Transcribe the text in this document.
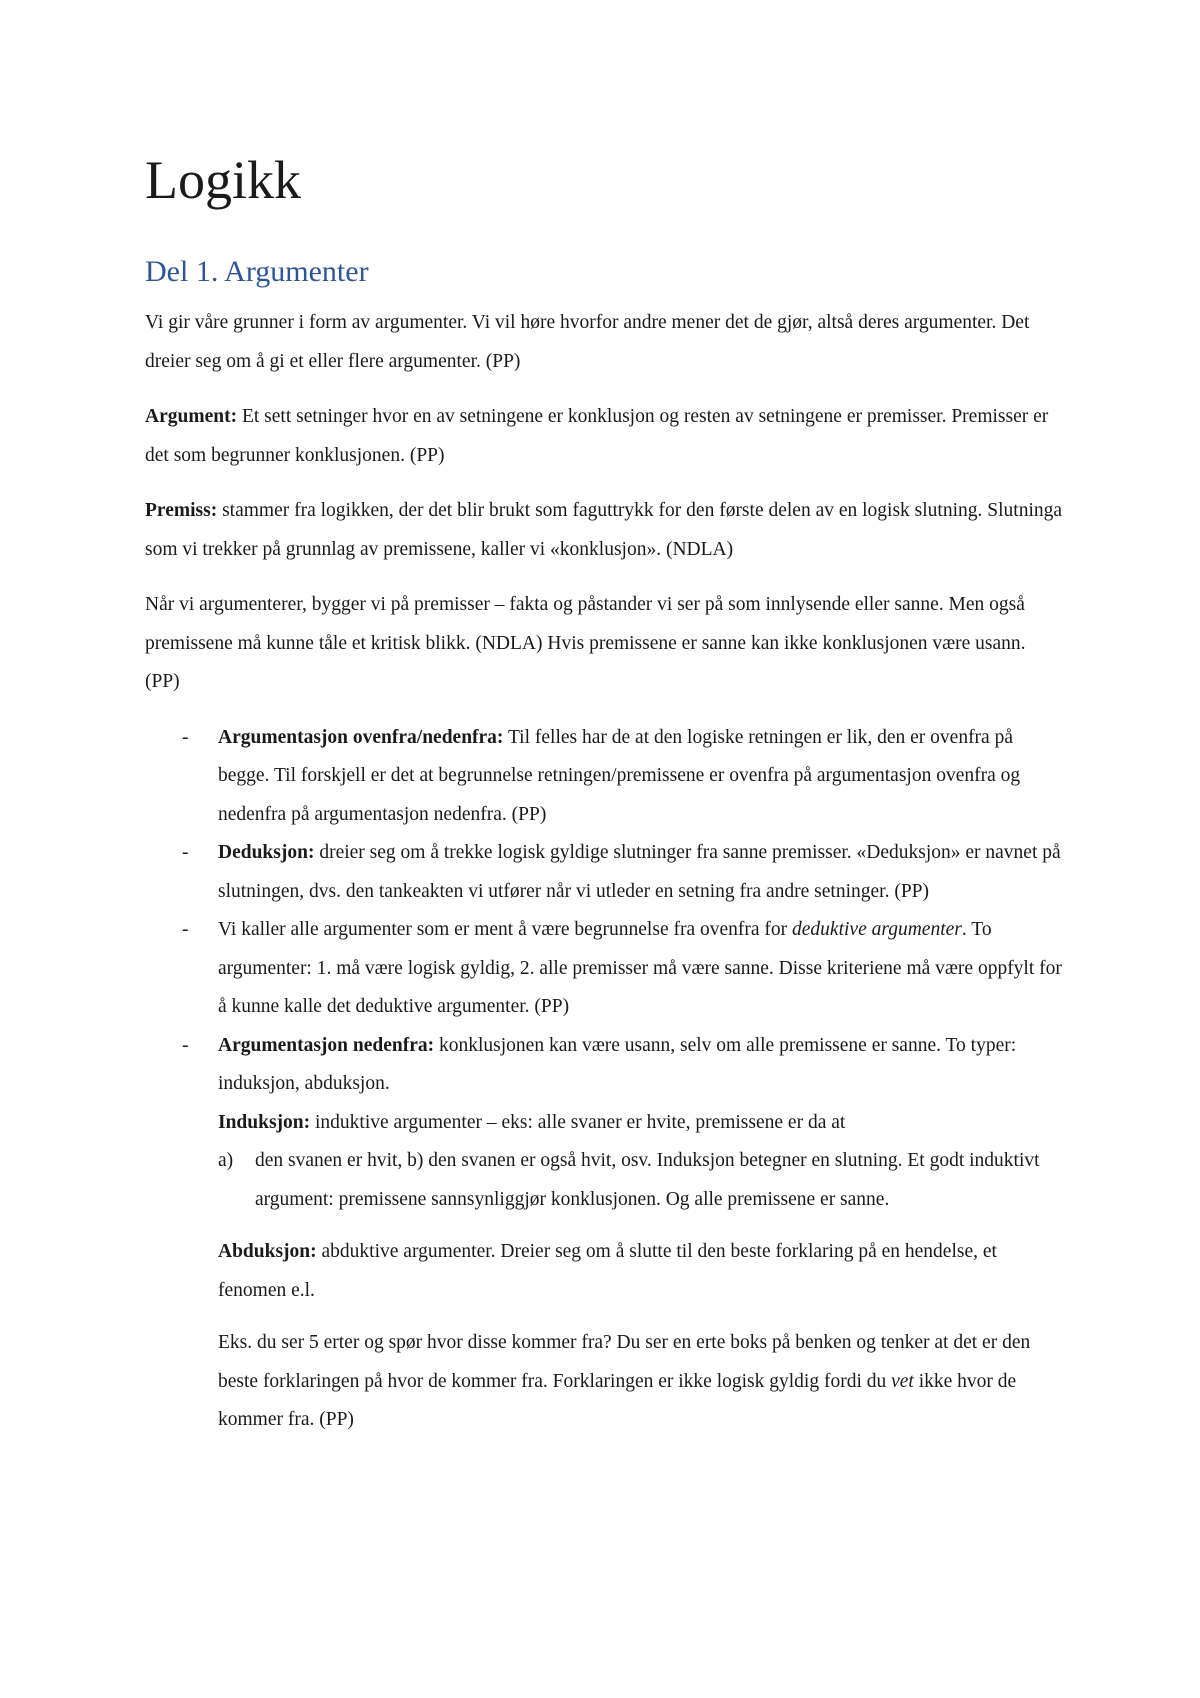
Logikk
Del 1. Argumenter

Vi gir våre grunner i form av argumenter. Vi vil høre hvorfor andre mener det de gjør, altså deres argumenter. Det dreier seg om å gi et eller flere argumenter. (PP)

Argument: Et sett setninger hvor en av setningene er konklusjon og resten av setningene er premisser. Premisser er det som begrunner konklusjonen. (PP)

Premiss: stammer fra logikken, der det blir brukt som faguttrykk for den første delen av en logisk slutning. Slutninga som vi trekker på grunnlag av premissene, kaller vi «konklusjon». (NDLA)

Når vi argumenterer, bygger vi på premisser – fakta og påstander vi ser på som innlysende eller sanne. Men også premissene må kunne tåle et kritisk blikk. (NDLA) Hvis premissene er sanne kan ikke konklusjonen være usann. (PP)

- Argumentasjon ovenfra/nedenfra: Til felles har de at den logiske retningen er lik, den er ovenfra på begge. Til forskjell er det at begrunnelse retningen/premissene er ovenfra på argumentasjon ovenfra og nedenfra på argumentasjon nedenfra. (PP)
- Deduksjon: dreier seg om å trekke logisk gyldige slutninger fra sanne premisser. «Deduksjon» er navnet på slutningen, dvs. den tankeakten vi utfører når vi utleder en setning fra andre setninger. (PP)
- Vi kaller alle argumenter som er ment å være begrunnelse fra ovenfra for deduktive argumenter. To argumenter: 1. må være logisk gyldig, 2. alle premisser må være sanne. Disse kriteriene må være oppfylt for å kunne kalle det deduktive argumenter. (PP)
- Argumentasjon nedenfra: konklusjonen kan være usann, selv om alle premissene er sanne. To typer: induksjon, abduksjon.
Induksjon: induktive argumenter – eks: alle svaner er hvite, premissene er da at
a) den svanen er hvit, b) den svanen er også hvit, osv. Induksjon betegner en slutning. Et godt induktivt argument: premissene sannsynliggjør konklusjonen. Og alle premissene er sanne.
Abduksjon: abduktive argumenter. Dreier seg om å slutte til den beste forklaring på en hendelse, et fenomen e.l.
Eks. du ser 5 erter og spør hvor disse kommer fra? Du ser en erte boks på benken og tenker at det er den beste forklaringen på hvor de kommer fra. Forklaringen er ikke logisk gyldig fordi du vet ikke hvor de kommer fra. (PP)
